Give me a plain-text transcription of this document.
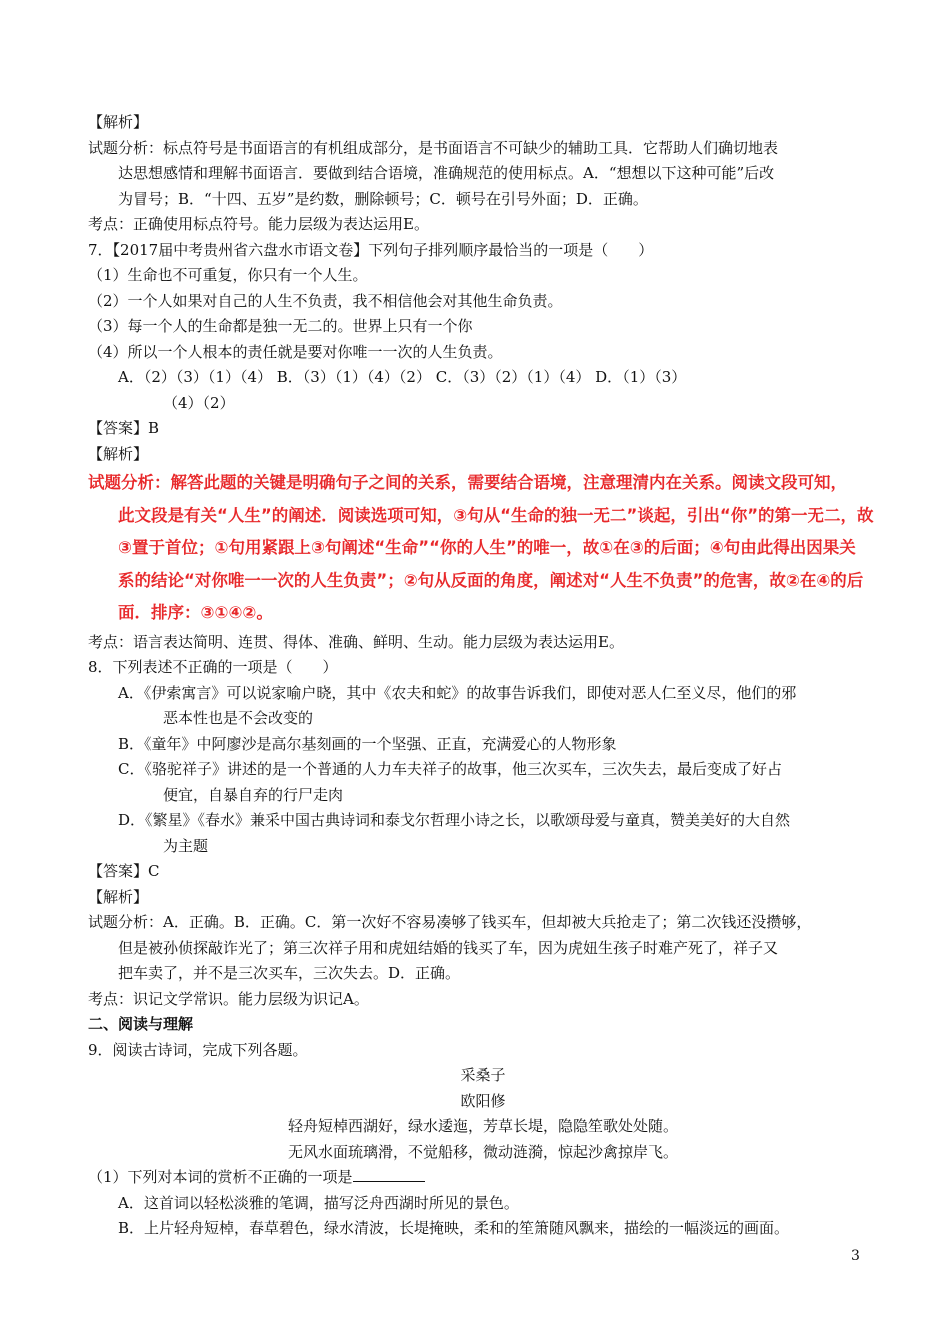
【解析】
试题分析：标点符号是书面语言的有机组成部分，是书面语言不可缺少的辅助工具．它帮助人们确切地表
达思想感情和理解书面语言．要做到结合语境，准确规范的使用标点。A．“想想以下这种可能”后改
为冒号；B．“十四、五岁”是约数，删除顿号；C．顿号在引号外面；D．正确。
考点：正确使用标点符号。能力层级为表达运用E。
7．【2017届中考贵州省六盘水市语文卷】下列句子排列顺序最恰当的一项是（　　）
（1）生命也不可重复，你只有一个人生。
（2）一个人如果对自己的人生不负责，我不相信他会对其他生命负责。
（3）每一个人的生命都是独一无二的。世界上只有一个你
（4）所以一个人根本的责任就是要对你唯一一次的人生负责。
A．（2）（3）（1）（4） B．（3）（1）（4）（2） C．（3）（2）（1）（4） D．（1）（3）
（4）（2）
【答案】B
【解析】
试题分析：解答此题的关键是明确句子之间的关系，需要结合语境，注意理清内在关系。阅读文段可知，
此文段是有关“人生”的阐述．阅读选项可知，③句从“生命的独一无二”谈起，引出“你”的第一无二，故
③置于首位；①句用紧跟上③句阐述“生命”“你的人生”的唯一，故①在③的后面；④句由此得出因果关
系的结论“对你唯一一次的人生负责”；②句从反面的角度，阐述对“人生不负责”的危害，故②在④的后
面．排序：③①④②。
考点：语言表达简明、连贯、得体、准确、鲜明、生动。能力层级为表达运用E。
8．下列表述不正确的一项是（　　）
A．《伊索寓言》可以说家喻户晓，其中《农夫和蛇》的故事告诉我们，即使对恶人仁至义尽，他们的邪
恶本性也是不会改变的
B．《童年》中阿廖沙是高尔基刻画的一个坚强、正直，充满爱心的人物形象
C．《骆驼祥子》讲述的是一个普通的人力车夫祥子的故事，他三次买车，三次失去，最后变成了好占
便宜，自暴自弃的行尸走肉
D．《繁星》《春水》兼采中国古典诗词和泰戈尔哲理小诗之长，以歌颂母爱与童真，赞美美好的大自然
为主题
【答案】C
【解析】
试题分析：A．正确。B．正确。C．第一次好不容易凑够了钱买车，但却被大兵抢走了；第二次钱还没攒够，
但是被孙侦探敲诈光了；第三次祥子用和虎妞结婚的钱买了车，因为虎妞生孩子时难产死了，祥子又
把车卖了，并不是三次买车，三次失去。D．正确。
考点：识记文学常识。能力层级为识记A。
二、阅读与理解
9．阅读古诗词，完成下列各题。
采桑子
欧阳修
轻舟短棹西湖好，绿水逶迤，芳草长堤，隐隐笙歌处处随。
无风水面琉璃滑，不觉船移，微动涟漪，惊起沙禽掠岸飞。
（1）下列对本词的赏析不正确的一项是
A．这首词以轻松淡雅的笔调，描写泛舟西湖时所见的景色。
B．上片轻舟短棹，春草碧色，绿水清波，长堤掩映，柔和的笙箫随风飘来，描绘的一幅淡远的画面。
3
